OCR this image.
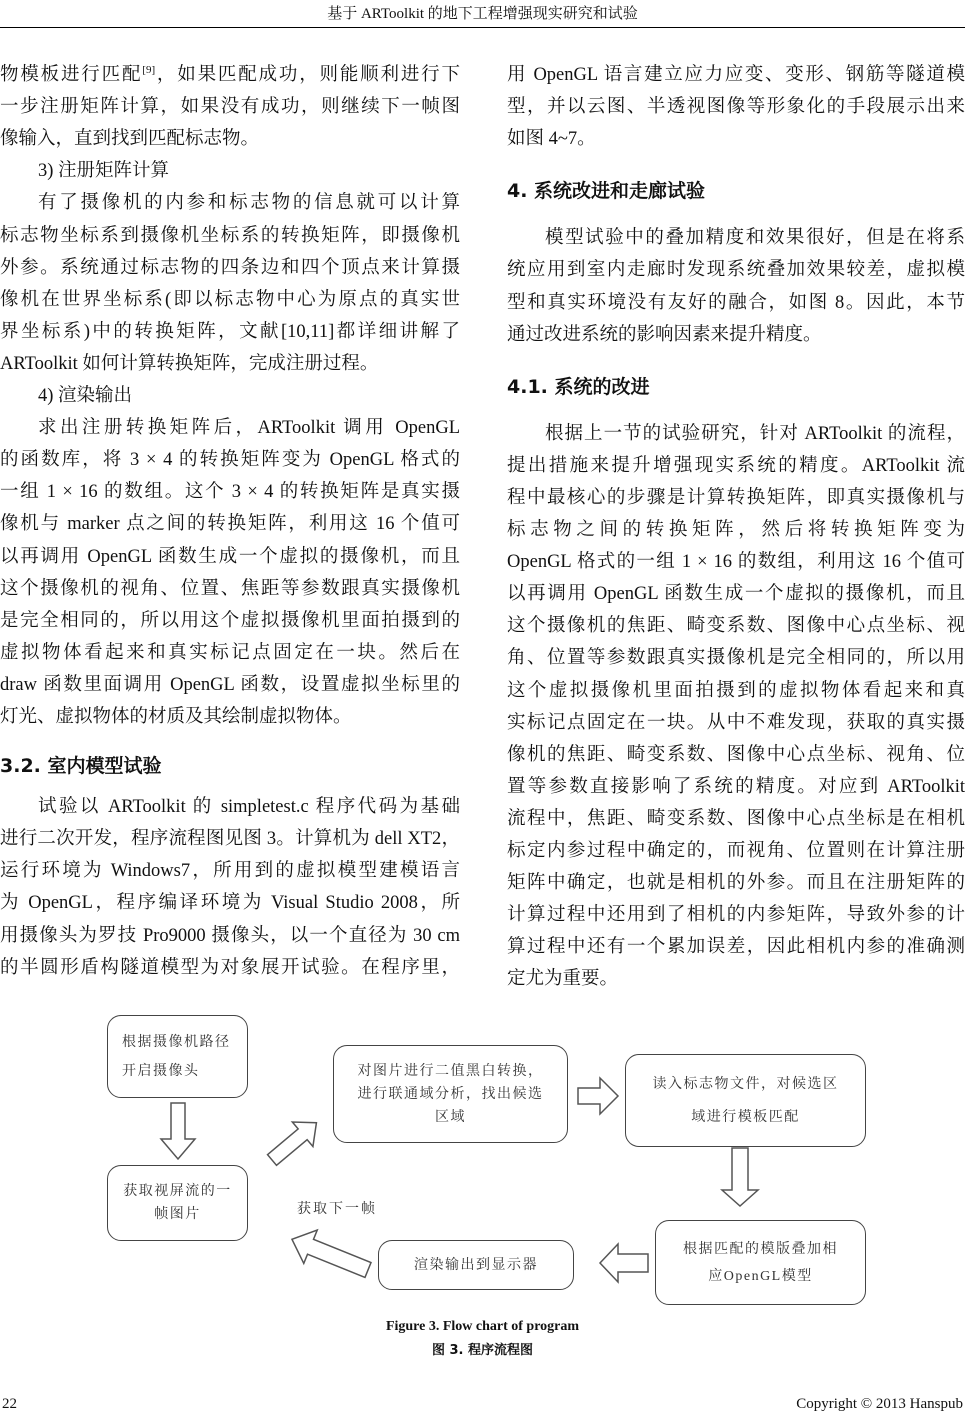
基于 ARToolkit 的地下工程增强现实研究和试验
物模板进行匹配[9]，如果匹配成功，则能顺利进行下
一步注册矩阵计算，如果没有成功，则继续下一帧图
像输入，直到找到匹配标志物。
3) 注册矩阵计算
有了摄像机的内参和标志物的信息就可以计算
标志物坐标系到摄像机坐标系的转换矩阵，即摄像机
外参。系统通过标志物的四条边和四个顶点来计算摄
像机在世界坐标系(即以标志物中心为原点的真实世
界坐标系)中的转换矩阵，文献[10,11]都详细讲解了
ARToolkit 如何计算转换矩阵，完成注册过程。
4) 渲染输出
求出注册转换矩阵后，ARToolkit 调用 OpenGL
的函数库，将 3 × 4 的转换矩阵变为 OpenGL 格式的
一组 1 × 16 的数组。这个 3 × 4 的转换矩阵是真实摄
像机与 marker 点之间的转换矩阵，利用这 16 个值可
以再调用 OpenGL 函数生成一个虚拟的摄像机，而且
这个摄像机的视角、位置、焦距等参数跟真实摄像机
是完全相同的，所以用这个虚拟摄像机里面拍摄到的
虚拟物体看起来和真实标记点固定在一块。然后在
draw 函数里面调用 OpenGL 函数，设置虚拟坐标里的
灯光、虚拟物体的材质及其绘制虚拟物体。
3.2. 室内模型试验
试验以 ARToolkit 的 simpletest.c 程序代码为基础
进行二次开发，程序流程图见图 3。计算机为 dell XT2，
运行环境为 Windows7，所用到的虚拟模型建模语言
为 OpenGL，程序编译环境为 Visual Studio 2008，所
用摄像头为罗技 Pro9000 摄像头，以一个直径为 30 cm
的半圆形盾构隧道模型为对象展开试验。在程序里，
用 OpenGL 语言建立应力应变、变形、钢筋等隧道模
型，并以云图、半透视图像等形象化的手段展示出来
如图 4~7。
4. 系统改进和走廊试验
模型试验中的叠加精度和效果很好，但是在将系
统应用到室内走廊时发现系统叠加效果较差，虚拟模
型和真实环境没有友好的融合，如图 8。因此，本节
通过改进系统的影响因素来提升精度。
4.1. 系统的改进
根据上一节的试验研究，针对 ARToolkit 的流程，
提出措施来提升增强现实系统的精度。ARToolkit 流
程中最核心的步骤是计算转换矩阵，即真实摄像机与
标志物之间的转换矩阵，然后将转换矩阵变为
OpenGL 格式的一组 1 × 16 的数组，利用这 16 个值可
以再调用 OpenGL 函数生成一个虚拟的摄像机，而且
这个摄像机的焦距、畸变系数、图像中心点坐标、视
角、位置等参数跟真实摄像机是完全相同的，所以用
这个虚拟摄像机里面拍摄到的虚拟物体看起来和真
实标记点固定在一块。从中不难发现，获取的真实摄
像机的焦距、畸变系数、图像中心点坐标、视角、位
置等参数直接影响了系统的精度。对应到 ARToolkit
流程中，焦距、畸变系数、图像中心点坐标是在相机
标定内参过程中确定的，而视角、位置则在计算注册
矩阵中确定，也就是相机的外参。而且在注册矩阵的
计算过程中还用到了相机的内参矩阵，导致外参的计
算过程中还有一个累加误差，因此相机内参的准确测
定尤为重要。
根据摄像机路径
开启摄像头
获取视屏流的一
帧图片
对图片进行二值黑白转换，
进行联通域分析，找出候选
区域
读入标志物文件，对候选区
域进行模板匹配
根据匹配的模版叠加相
应OpenGL模型
渲染输出到显示器
获取下一帧
Figure 3. Flow chart of program
图 3. 程序流程图
22	Copyright © 2013 Hanspub
